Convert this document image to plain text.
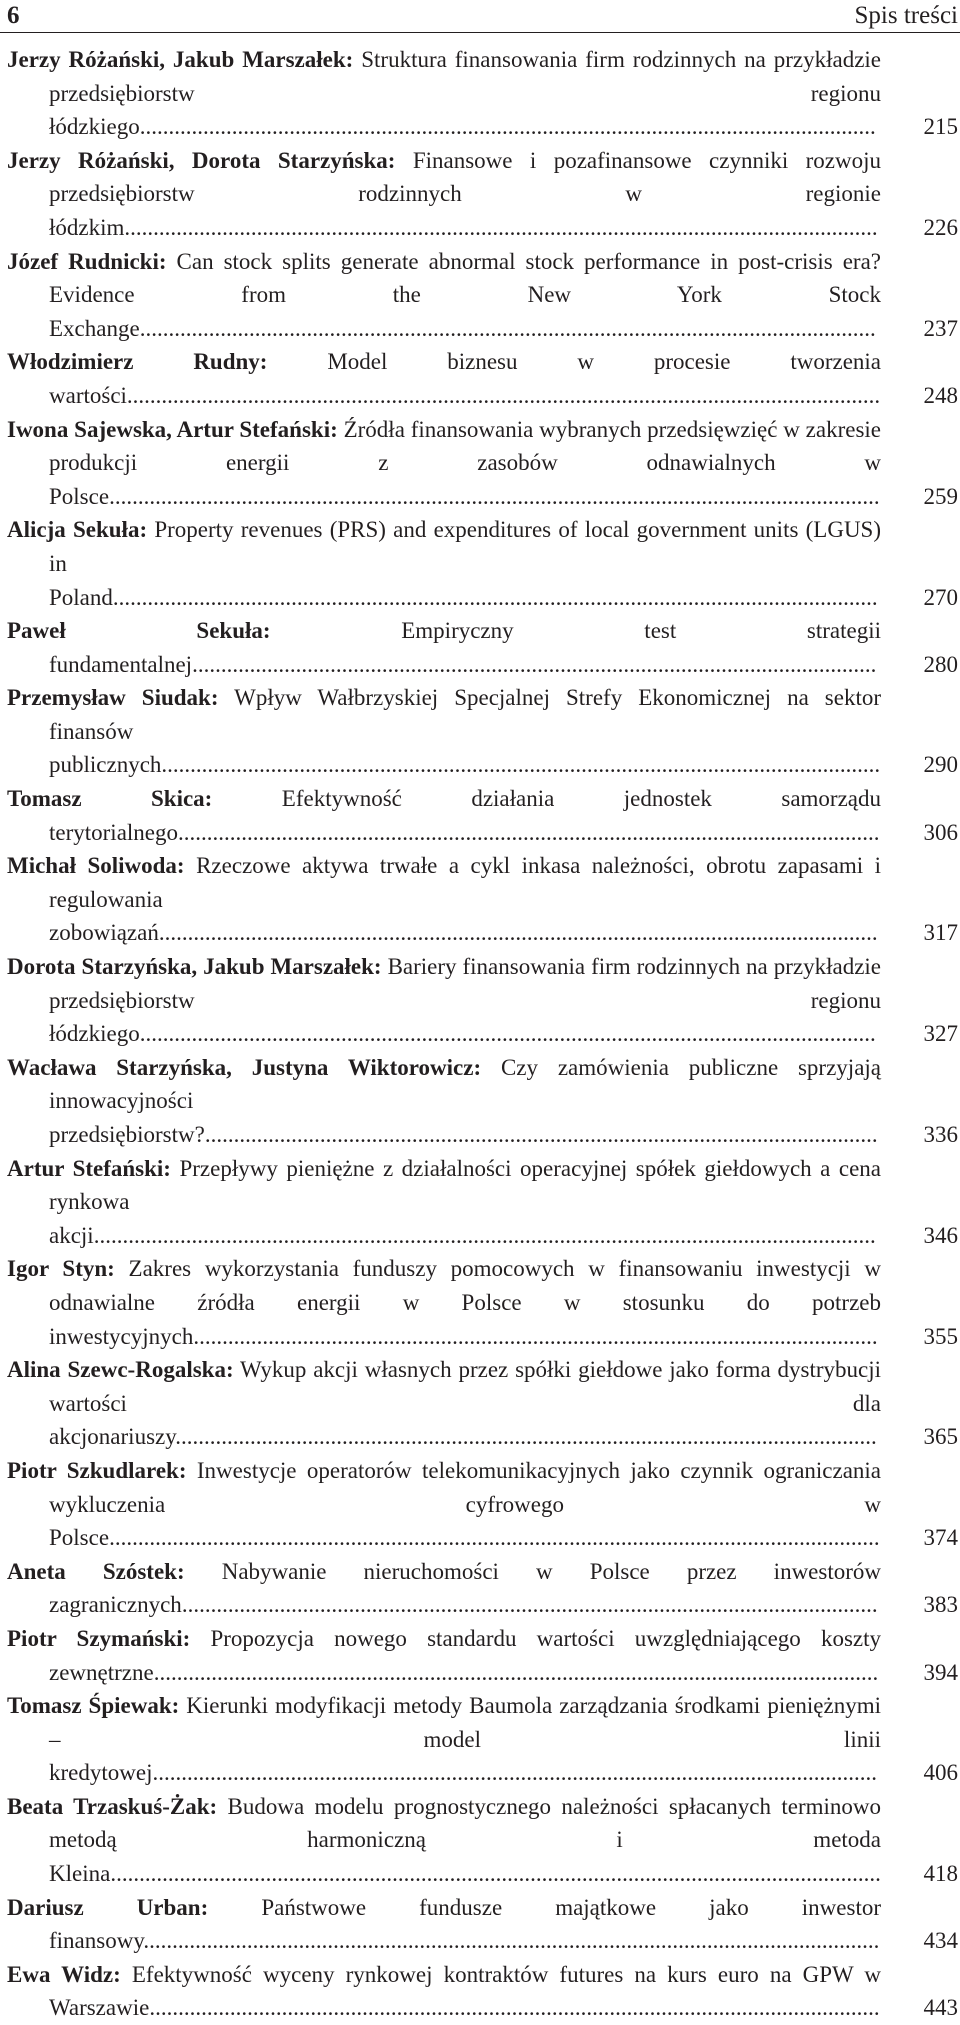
6	Spis treści
Jerzy Różański, Jakub Marszałek: Struktura finansowania firm rodzinnych na przykładzie przedsiębiorstw regionu łódzkiego................................................................................................................................ 215
Jerzy Różański, Dorota Starzyńska: Finansowe i pozafinansowe czynniki rozwoju przedsiębiorstw rodzinnych w regionie łódzkim................................................................................................................................... 226
Józef Rudnicki: Can stock splits generate abnormal stock performance in post-crisis era? Evidence from the New York Stock Exchange................................................................................................................................ 237
Włodzimierz Rudny:	Model biznesu w procesie tworzenia wartości................................................................................................................................... 248
Iwona Sajewska, Artur Stefański: Źródła finansowania wybranych przedsięwzięć w zakresie produkcji energii z zasobów odnawialnych w Polsce...................................................................................................................................... 259
Alicja Sekuła: Property revenues (PRS) and expenditures of local government units (LGUS) in Poland..................................................................................................................................... 270
Paweł Sekuła:	Empiryczny test strategii fundamentalnej....................................................................................................................... 280
Przemysław Siudak: Wpływ Wałbrzyskiej Specjalnej Strefy Ekonomicznej na sektor finansów publicznych............................................................................................................................. 290
Tomasz Skica:	Efektywność działania jednostek samorządu terytorialnego.......................................................................................................................... 306
Michał Soliwoda: Rzeczowe aktywa trwałe a cykl inkasa należności, obrotu zapasami i regulowania zobowiązań............................................................................................................................. 317
Dorota Starzyńska, Jakub Marszałek: Bariery finansowania firm rodzinnych na przykładzie przedsiębiorstw regionu łódzkiego................................................................................................................................ 327
Wacława Starzyńska, Justyna Wiktorowicz: Czy zamówienia publiczne sprzyjają innowacyjności przedsiębiorstw?..................................................................................................................... 336
Artur Stefański: Przepływy pieniężne z działalności operacyjnej spółek giełdowych a cena rynkowa akcji........................................................................................................................................ 346
Igor Styn: Zakres wykorzystania funduszy pomocowych w finansowaniu inwestycji w odnawialne źródła energii w Polsce w stosunku do potrzeb inwestycyjnych....................................................................................................................... 355
Alina Szewc-Rogalska: Wykup akcji własnych przez spółki giełdowe jako forma dystrybucji wartości dla akcjonariuszy.......................................................................................................................... 365
Piotr Szkudlarek: Inwestycje operatorów telekomunikacyjnych jako czynnik ograniczania wykluczenia cyfrowego w Polsce...................................................................................................................................... 374
Aneta Szóstek: Nabywanie nieruchomości w Polsce przez inwestorów zagranicznych......................................................................................................................... 383
Piotr Szymański: Propozycja nowego standardu wartości uwzględniającego koszty zewnętrzne.............................................................................................................................. 394
Tomasz Śpiewak: Kierunki modyfikacji metody Baumola zarządzania środkami pieniężnymi – model linii kredytowej.............................................................................................................................. 406
Beata Trzaskuś-Żak: Budowa modelu prognostycznego należności spłacanych terminowo metodą harmoniczną i metoda Kleina...................................................................................................................................... 418
Dariusz Urban: Państwowe fundusze majątkowe jako inwestor finansowy................................................................................................................................ 434
Ewa Widz: Efektywność wyceny rynkowej kontraktów futures na kurs euro na GPW w Warszawie............................................................................................................................... 443
